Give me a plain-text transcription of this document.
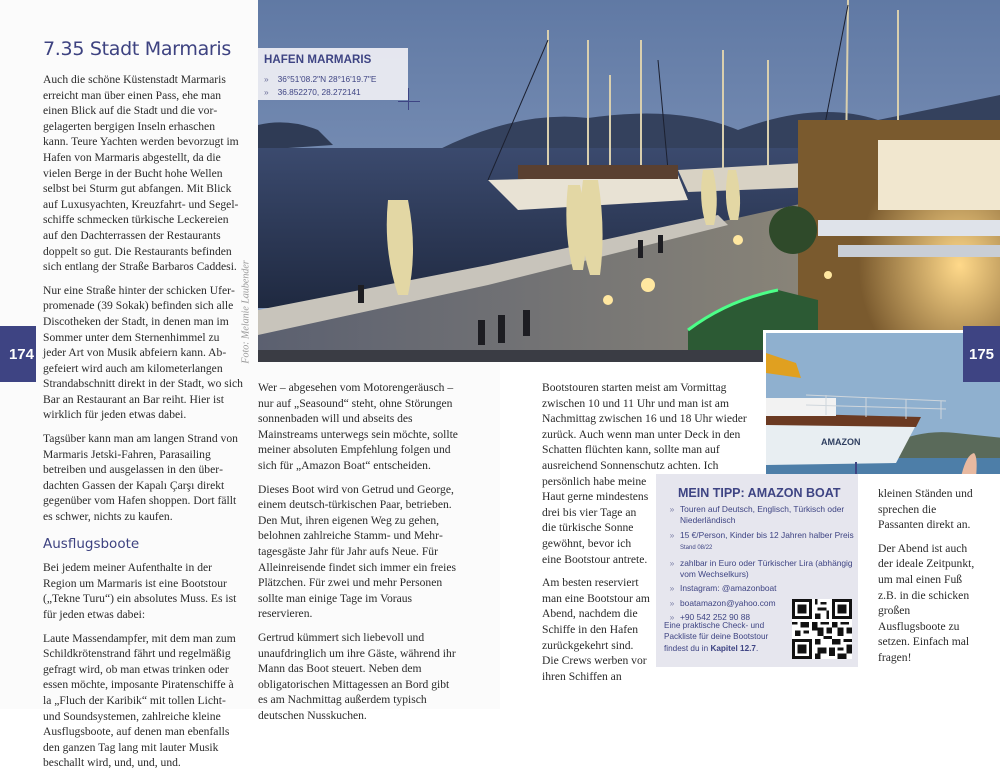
7.35 Stadt Marmaris

Auch die schöne Küstenstadt Marmaris erreicht man über einen Pass, ehe man einen Blick auf die Stadt und die vorgelagerten bergigen Inseln erhaschen kann. Teure Yachten werden bevorzugt im Hafen von Marmaris abgestellt, da die vielen Berge in der Bucht hohe Wellen selbst bei Sturm gut abfangen. Mit Blick auf Luxusyachten, Kreuzfahrt- und Segelschiffe schmecken türkische Leckereien auf den Dachterrassen der Restaurants doppelt so gut. Die Restaurants befinden sich entlang der Straße Barbaros Caddesi.

Nur eine Straße hinter der schicken Uferpromenade (39 Sokak) befinden sich alle Discotheken der Stadt, in denen man im Sommer unter dem Sternenhimmel zu jeder Art von Musik abfeiern kann. Abgefeiert wird auch am kilometerlangen Strandabschnitt direkt in der Stadt, wo sich Bar an Restaurant an Bar reiht. Hier ist wirklich für jeden etwas dabei.

Tagsüber kann man am langen Strand von Marmaris Jetski-Fahren, Parasailing betreiben und ausgelassen in den überdachten Gassen der Kapalı Çarşı direkt gegenüber vom Hafen shoppen. Dort fällt es schwer, nichts zu kaufen.

Ausflugsboote

Bei jedem meiner Aufenthalte in der Region um Marmaris ist eine Bootstour („Tekne Turu“) ein absolutes Muss. Es ist für jeden etwas dabei:

Laute Massendampfer, mit dem man zum Schildkrötenstrand fährt und regelmäßig gefragt wird, ob man etwas trinken oder essen möchte, imposante Piratenschiffe à la „Fluch der Karibik“ mit tollen Licht- und Soundsystemen, zahlreiche kleine Ausflugsboote, auf denen man ebenfalls den ganzen Tag lang mit lauter Musik beschallt wird, und, und, und.

174	Foto: Melanie Laubender
HAFEN MARMARIS
» 36°51'08.2"N 28°16'19.7"E
» 36.852270, 28.272141
AMAZON
175

Wer – abgesehen vom Motorengeräusch – nur auf „Seasound“ steht, ohne Störungen sonnenbaden will und abseits des Mainstreams unterwegs sein möchte, sollte meiner absoluten Empfehlung folgen und sich für „Amazon Boat“ entscheiden.

Dieses Boot wird von Getrud und George, einem deutsch-türkischen Paar, betrieben. Den Mut, ihren eigenen Weg zu gehen, belohnen zahlreiche Stamm- und Mehrtagesgäste Jahr für Jahr aufs Neue. Für Alleinreisende findet sich immer ein freies Plätzchen. Für zwei und mehr Personen sollte man einige Tage im Voraus reservieren.

Gertrud kümmert sich liebevoll und unaufdringlich um ihre Gäste, während ihr Mann das Boot steuert. Neben dem obligatorischen Mittagessen an Bord gibt es am Nachmittag außerdem typisch deutschen Nusskuchen.

Bootstouren starten meist am Vormittag zwischen 10 und 11 Uhr und man ist am Nachmittag zwischen 16 und 18 Uhr wieder zurück. Auch wenn man unter Deck in den Schatten flüchten kann, sollte man auf ausreichend Sonnenschutz achten. Ich

persönlich habe meine Haut gerne mindestens drei bis vier Tage an die türkische Sonne gewöhnt, bevor ich eine Bootstour antrete.

Am besten reserviert man eine Bootstour am Abend, nachdem die Schiffe in den Hafen zurückgekehrt sind. Die Crews werben vor ihren Schiffen an

MEIN TIPP: AMAZON BOAT
» Touren auf Deutsch, Englisch, Türkisch oder Niederländisch
» 15 €/Person, Kinder bis 12 Jahren halber Preis Stand 08/22
» zahlbar in Euro oder Türkischer Lira (abhängig vom Wechselkurs)
» Instagram: @amazonboat
» boatamazon@yahoo.com
» +90 542 252 90 88
Eine praktische Check- und Packliste für deine Bootstour findest du in Kapitel 12.7.

kleinen Ständen und sprechen die Passanten direkt an.

Der Abend ist auch der ideale Zeitpunkt, um mal einen Fuß z.B. in die schicken großen Ausflugsboote zu setzen. Einfach mal fragen!
